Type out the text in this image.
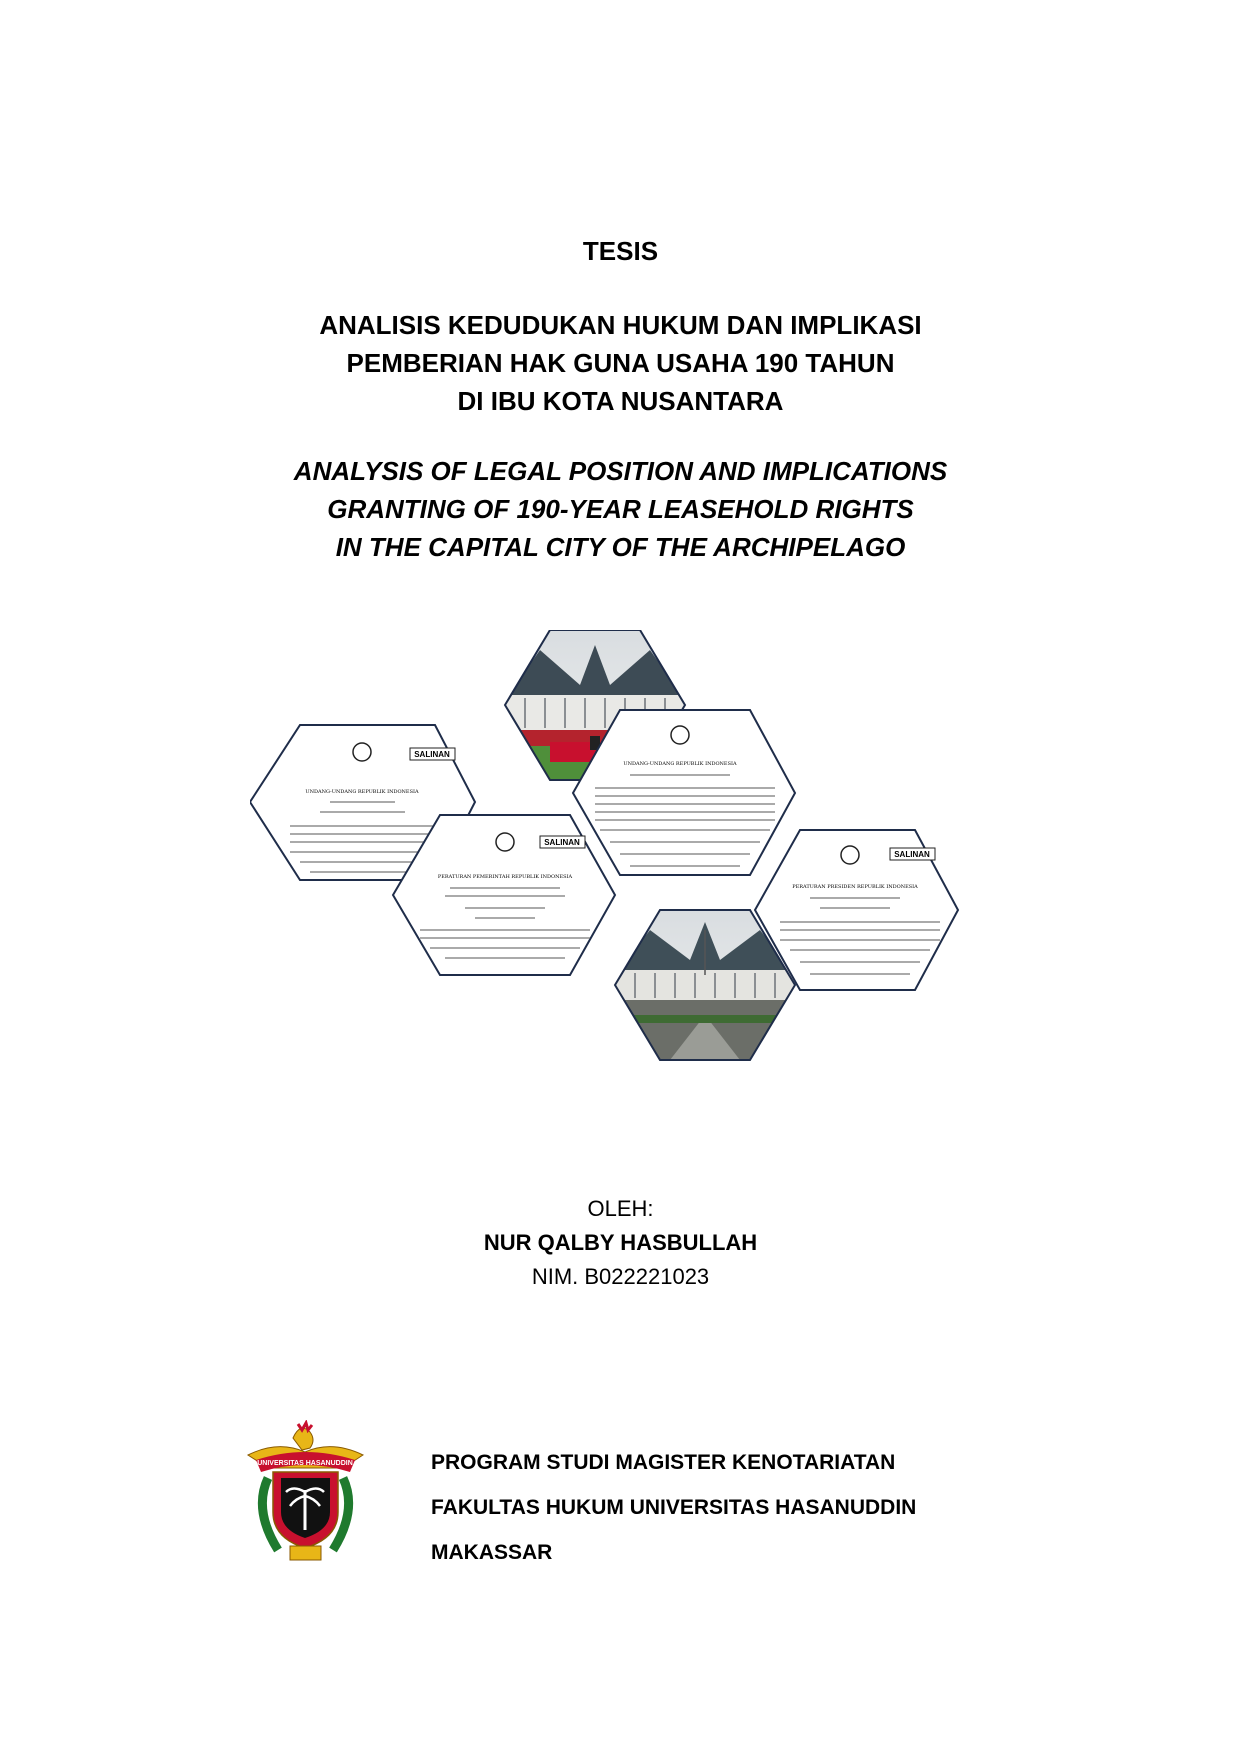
TESIS

ANALISIS KEDUDUKAN HUKUM DAN IMPLIKASI
PEMBERIAN HAK GUNA USAHA 190 TAHUN
DI IBU KOTA NUSANTARA
ANALYSIS OF LEGAL POSITION AND IMPLICATIONS
GRANTING OF 190-YEAR LEASEHOLD RIGHTS
IN THE CAPITAL CITY OF THE ARCHIPELAGO
SALINAN
UNDANG-UNDANG REPUBLIK INDONESIA
SALINAN
PERATURAN PEMERINTAH REPUBLIK INDONESIA
UNDANG-UNDANG REPUBLIK INDONESIA
SALINAN
PERATURAN PRESIDEN REPUBLIK INDONESIA
OLEH:
NUR QALBY HASBULLAH
NIM. B022221023
UNIVERSITAS HASANUDDIN	PROGRAM STUDI MAGISTER KENOTARIATAN
FAKULTAS HUKUM UNIVERSITAS HASANUDDIN
MAKASSAR
